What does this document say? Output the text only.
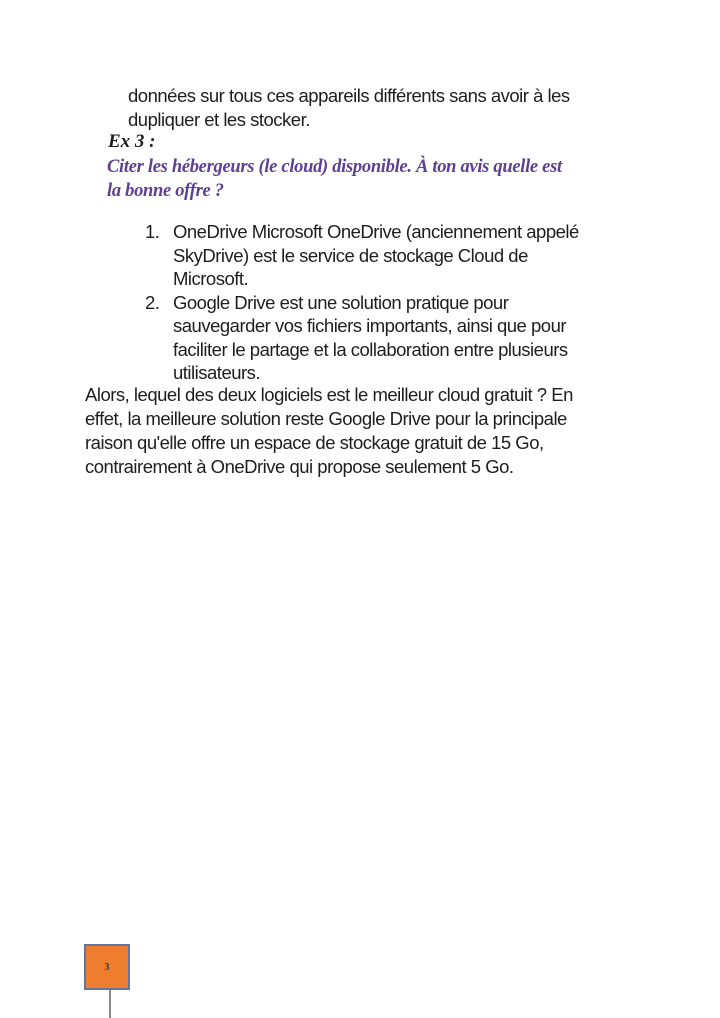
données sur tous ces appareils différents sans avoir à les
dupliquer et les stocker.
Ex 3 :
Citer les hébergeurs (le cloud) disponible. À ton avis quelle est
la bonne offre ?
1. OneDrive Microsoft OneDrive (anciennement appelé
SkyDrive) est le service de stockage Cloud de
Microsoft.
2. Google Drive est une solution pratique pour
sauvegarder vos fichiers importants, ainsi que pour
faciliter le partage et la collaboration entre plusieurs
utilisateurs.
Alors, lequel des deux logiciels est le meilleur cloud gratuit ? En
effet, la meilleure solution reste Google Drive pour la principale
raison qu'elle offre un espace de stockage gratuit de 15 Go,
contrairement à OneDrive qui propose seulement 5 Go.
3
